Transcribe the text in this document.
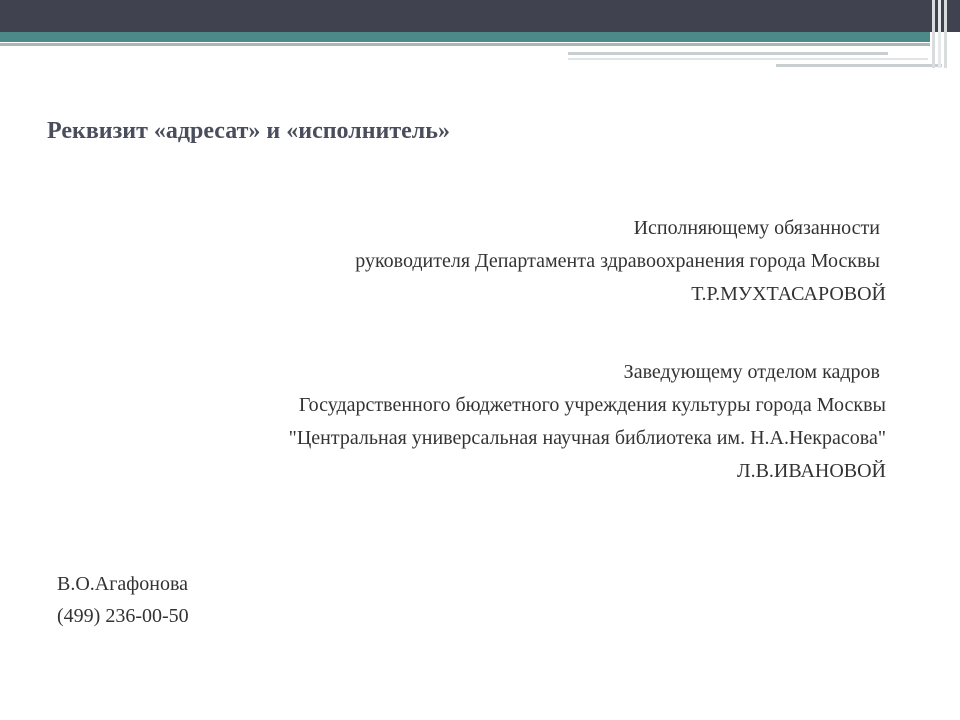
Реквизит «адресат» и «исполнитель»
Исполняющему обязанности
руководителя Департамента здравоохранения города Москвы
Т.Р.МУХТАСАРОВОЙ
Заведующему отделом кадров
Государственного бюджетного учреждения культуры города Москвы
"Центральная универсальная научная библиотека им. Н.А.Некрасова"
Л.В.ИВАНОВОЙ
В.О.Агафонова
(499) 236-00-50
